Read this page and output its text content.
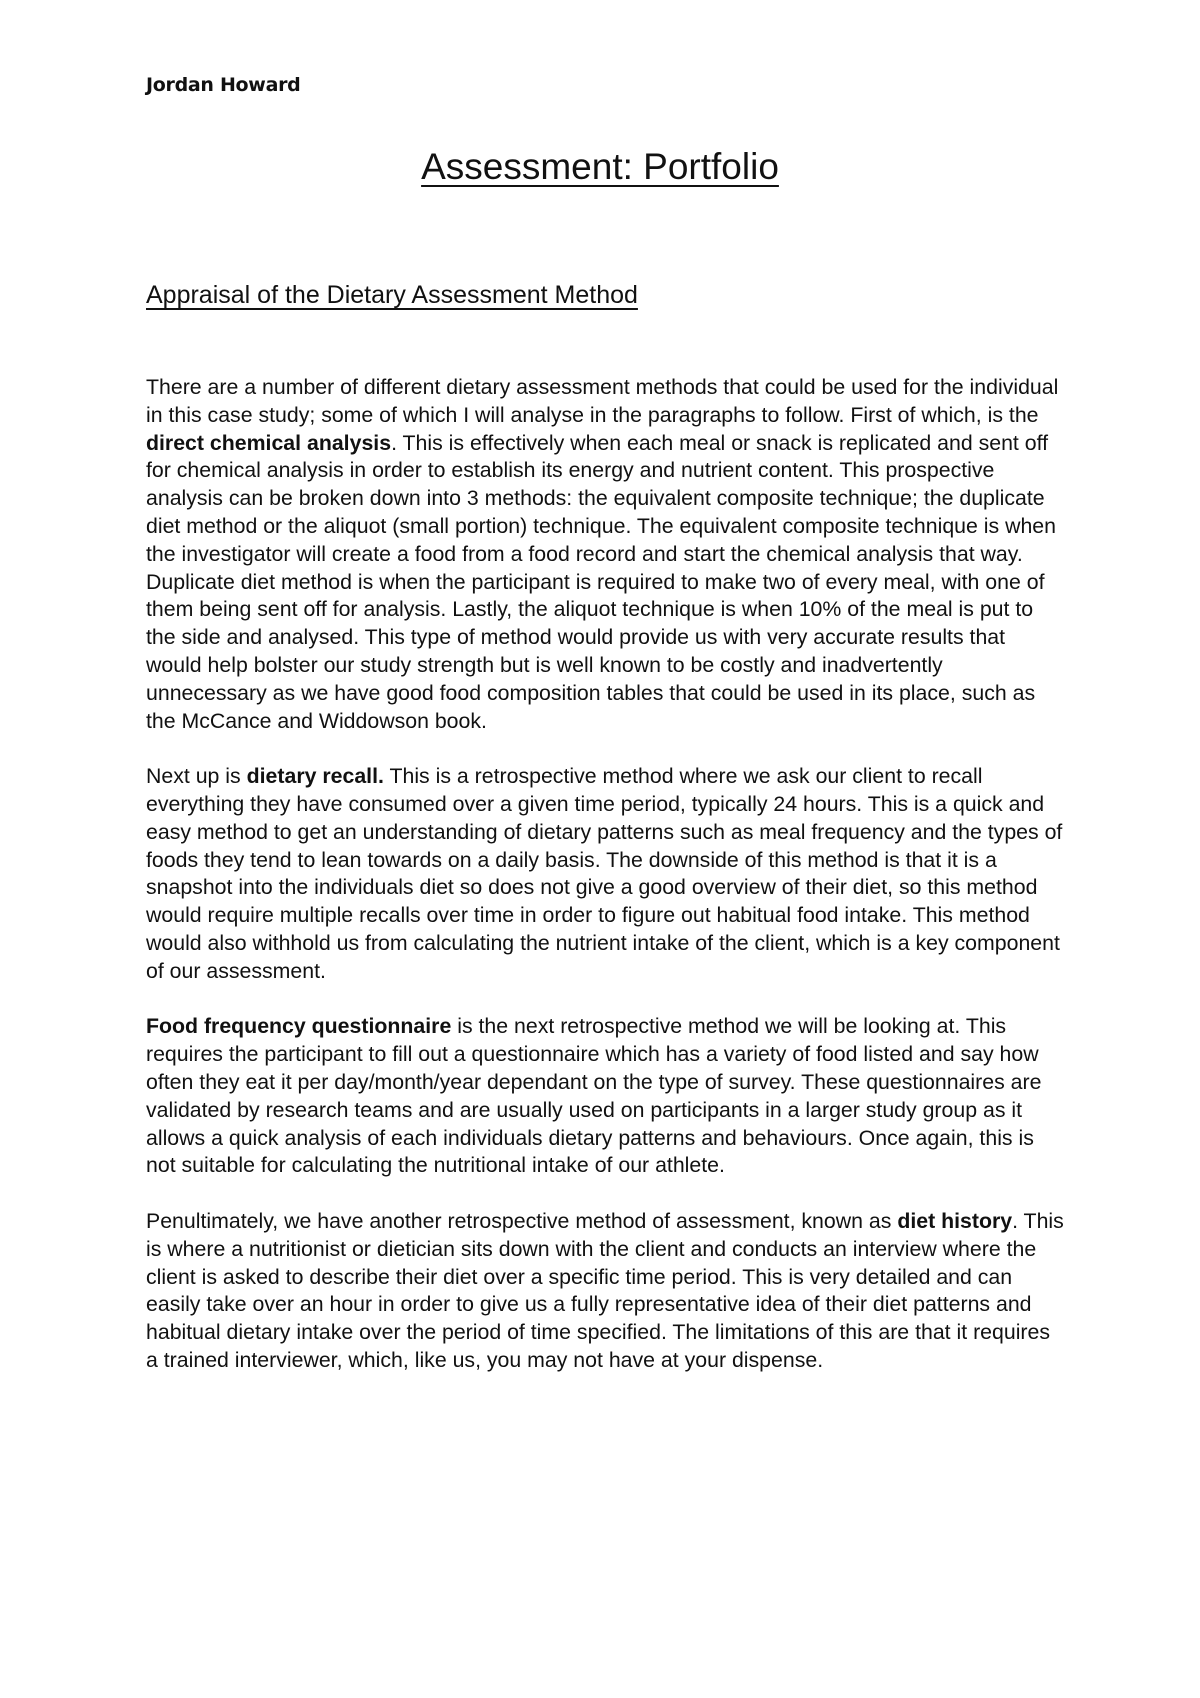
Jordan Howard
Assessment: Portfolio
Appraisal of the Dietary Assessment Method

There are a number of different dietary assessment methods that could be used for the individual in this case study; some of which I will analyse in the paragraphs to follow. First of which, is the direct chemical analysis. This is effectively when each meal or snack is replicated and sent off for chemical analysis in order to establish its energy and nutrient content. This prospective analysis can be broken down into 3 methods: the equivalent composite technique; the duplicate diet method or the aliquot (small portion) technique. The equivalent composite technique is when the investigator will create a food from a food record and start the chemical analysis that way. Duplicate diet method is when the participant is required to make two of every meal, with one of them being sent off for analysis. Lastly, the aliquot technique is when 10% of the meal is put to the side and analysed. This type of method would provide us with very accurate results that would help bolster our study strength but is well known to be costly and inadvertently unnecessary as we have good food composition tables that could be used in its place, such as the McCance and Widdowson book.

Next up is dietary recall. This is a retrospective method where we ask our client to recall everything they have consumed over a given time period, typically 24 hours. This is a quick and easy method to get an understanding of dietary patterns such as meal frequency and the types of foods they tend to lean towards on a daily basis. The downside of this method is that it is a snapshot into the individuals diet so does not give a good overview of their diet, so this method would require multiple recalls over time in order to figure out habitual food intake. This method would also withhold us from calculating the nutrient intake of the client, which is a key component of our assessment.

Food frequency questionnaire is the next retrospective method we will be looking at. This requires the participant to fill out a questionnaire which has a variety of food listed and say how often they eat it per day/month/year dependant on the type of survey. These questionnaires are validated by research teams and are usually used on participants in a larger study group as it allows a quick analysis of each individuals dietary patterns and behaviours. Once again, this is not suitable for calculating the nutritional intake of our athlete.

Penultimately, we have another retrospective method of assessment, known as diet history. This is where a nutritionist or dietician sits down with the client and conducts an interview where the client is asked to describe their diet over a specific time period. This is very detailed and can easily take over an hour in order to give us a fully representative idea of their diet patterns and habitual dietary intake over the period of time specified. The limitations of this are that it requires a trained interviewer, which, like us, you may not have at your dispense.
